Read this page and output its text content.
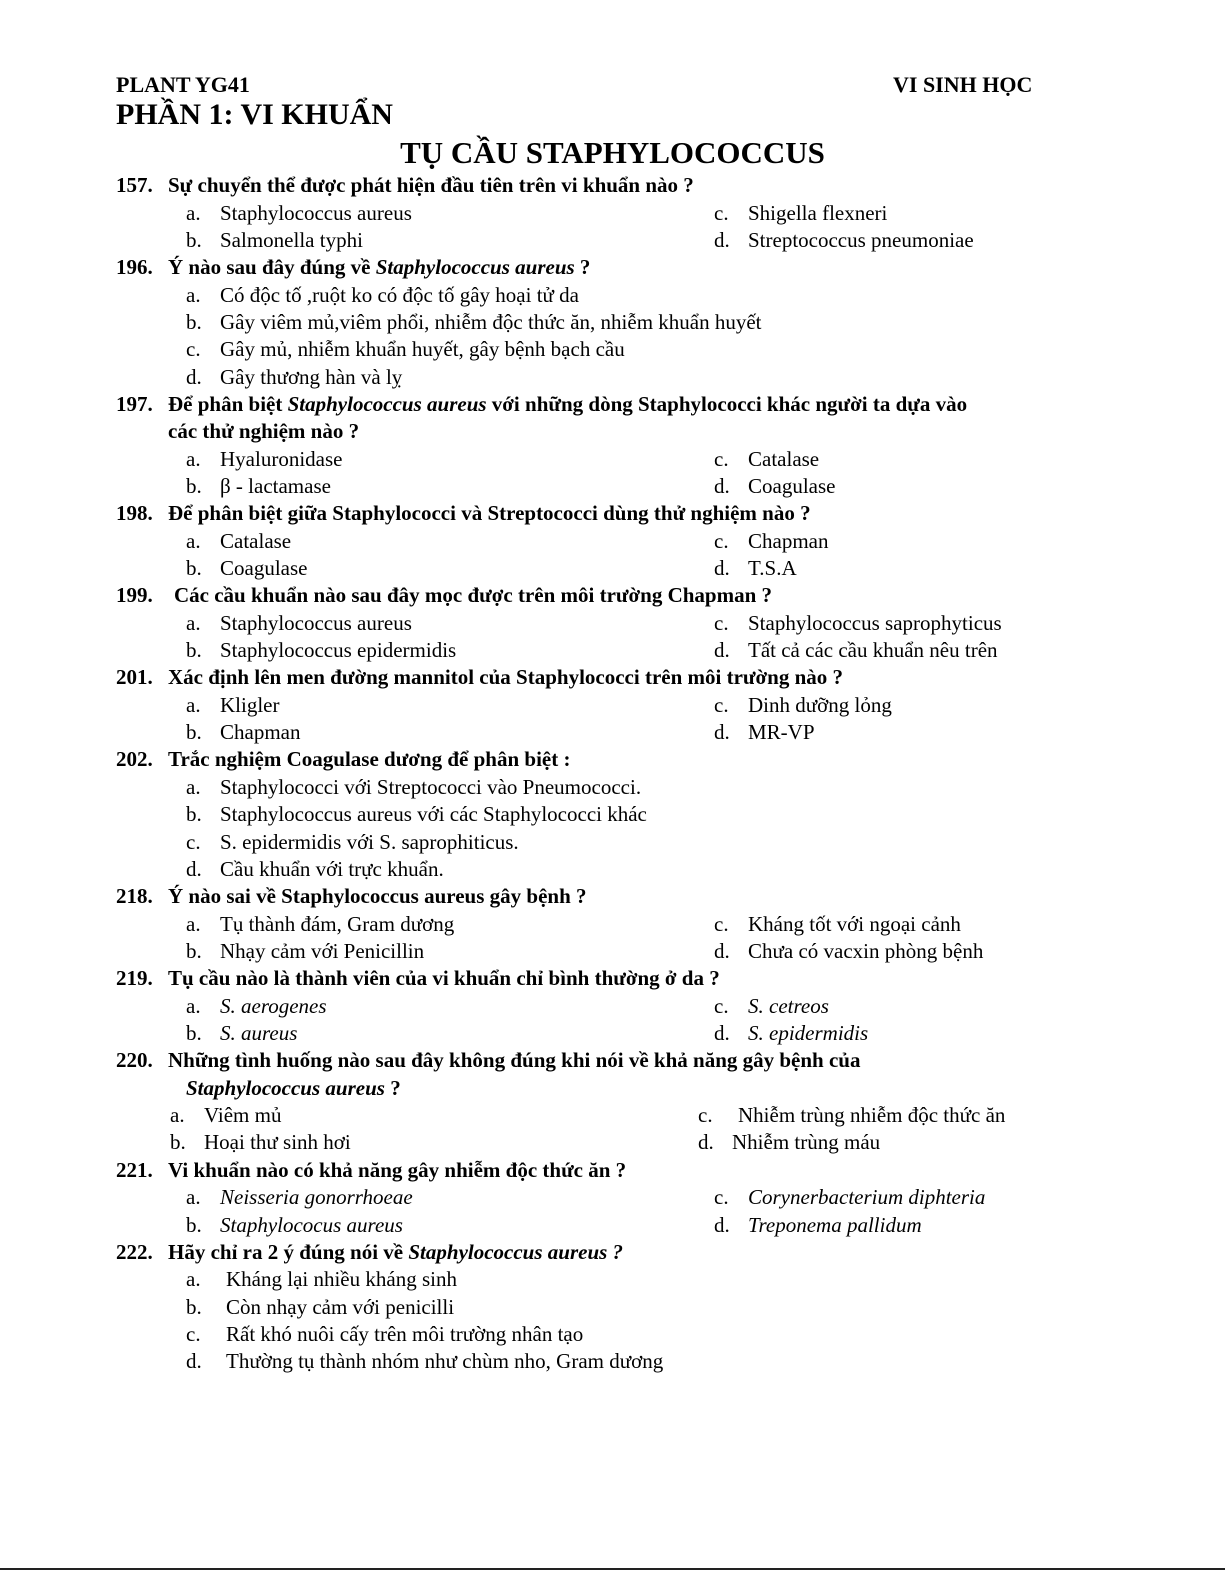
PLANT YG41	VI SINH HỌC
PHẦN 1: VI KHUẨN
TỤ CẦU STAPHYLOCOCCUS
157. Sự chuyển thể được phát hiện đầu tiên trên vi khuẩn nào ?
a. Staphylococcus aureus
b. Salmonella typhi
c. Shigella flexneri
d. Streptococcus pneumoniae
196. Ý nào sau đây đúng về Staphylococcus aureus ?
a. Có độc tố ,ruột ko có độc tố gây hoại tử da
b. Gây viêm mủ,viêm phổi, nhiễm độc thức ăn, nhiễm khuẩn huyết
c. Gây mủ, nhiễm khuẩn huyết, gây bệnh bạch cầu
d. Gây thương hàn và lỵ
197. Để phân biệt Staphylococcus aureus với những dòng Staphylococci khác người ta dựa vào
các thử nghiệm nào ?
a. Hyaluronidase
b. β - lactamase
c. Catalase
d. Coagulase
198. Để phân biệt giữa Staphylococci và Streptococci dùng thử nghiệm nào ?
a. Catalase
b. Coagulase
c. Chapman
d. T.S.A
199. Các cầu khuẩn nào sau đây mọc được trên môi trường Chapman ?
a. Staphylococcus aureus
b. Staphylococcus epidermidis
c. Staphylococcus saprophyticus
d. Tất cả các cầu khuẩn nêu trên
201. Xác định lên men đường mannitol của Staphylococci trên môi trường nào ?
a. Kligler
b. Chapman
c. Dinh dưỡng lỏng
d. MR-VP
202. Trắc nghiệm Coagulase dương để phân biệt :
a. Staphylococci với Streptococci vào Pneumococci.
b. Staphylococcus aureus với các Staphylococci khác
c. S. epidermidis với S. saprophiticus.
d. Cầu khuẩn với trực khuẩn.
218. Ý nào sai về Staphylococcus aureus gây bệnh ?
a. Tụ thành đám, Gram dương
b. Nhạy cảm với Penicillin
c. Kháng tốt với ngoại cảnh
d. Chưa có vacxin phòng bệnh
219. Tụ cầu nào là thành viên của vi khuẩn chỉ bình thường ở da ?
a. S. aerogenes
b. S. aureus
c. S. cetreos
d. S. epidermidis
220. Những tình huống nào sau đây không đúng khi nói về khả năng gây bệnh của
Staphylococcus aureus ?
a. Viêm mủ
b. Hoại thư sinh hơi
c. Nhiễm trùng nhiễm độc thức ăn
d. Nhiễm trùng máu
221. Vi khuẩn nào có khả năng gây nhiễm độc thức ăn ?
a. Neisseria gonorrhoeae
b. Staphylococus aureus
c. Corynerbacterium diphteria
d. Treponema pallidum
222. Hãy chỉ ra 2 ý đúng nói về Staphylococcus aureus ?
a. Kháng lại nhiều kháng sinh
b. Còn nhạy cảm với penicilli
c. Rất khó nuôi cấy trên môi trường nhân tạo
d. Thường tụ thành nhóm như chùm nho, Gram dương
